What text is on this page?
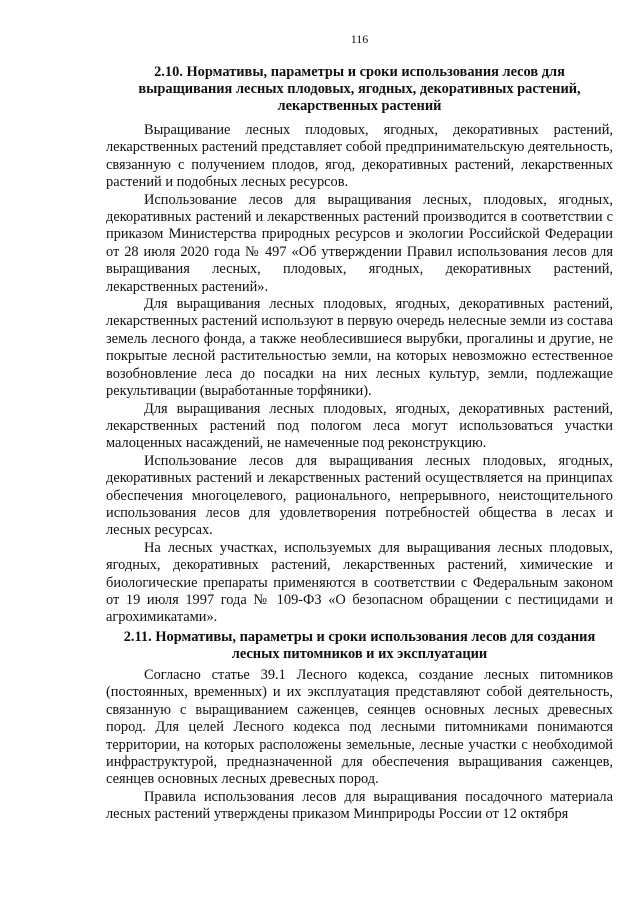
116
2.10. Нормативы, параметры и сроки использования лесов для
выращивания лесных плодовых, ягодных, декоративных растений,
лекарственных растений

Выращивание лесных плодовых, ягодных, декоративных растений, лекарственных растений представляет собой предпринимательскую деятельность, связанную с получением плодов, ягод, декоративных растений, лекарственных растений и подобных лесных ресурсов.

Использование лесов для выращивания лесных, плодовых, ягодных, декоративных растений и лекарственных растений производится в соответствии с приказом Министерства природных ресурсов и экологии Российской Федерации от 28 июля 2020 года № 497 «Об утверждении Правил использования лесов для выращивания лесных, плодовых, ягодных, декоративных растений, лекарственных растений».

Для выращивания лесных плодовых, ягодных, декоративных растений, лекарственных растений используют в первую очередь нелесные земли из состава земель лесного фонда, а также необлесившиеся вырубки, прогалины и другие, не покрытые лесной растительностью земли, на которых невозможно естественное возобновление леса до посадки на них лесных культур, земли, подлежащие рекультивации (выработанные торфяники).

Для выращивания лесных плодовых, ягодных, декоративных растений, лекарственных растений под пологом леса могут использоваться участки малоценных насаждений, не намеченные под реконструкцию.

Использование лесов для выращивания лесных плодовых, ягодных, декоративных растений и лекарственных растений осуществляется на принципах обеспечения многоцелевого, рационального, непрерывного, неистощительного использования лесов для удовлетворения потребностей общества в лесах и лесных ресурсах.

На лесных участках, используемых для выращивания лесных плодовых, ягодных, декоративных растений, лекарственных растений, химические и биологические препараты применяются в соответствии с Федеральным законом от 19 июля 1997 года № 109-ФЗ «О безопасном обращении с пестицидами и агрохимикатами».

2.11. Нормативы, параметры и сроки использования лесов для создания
лесных питомников и их эксплуатации

Согласно статье 39.1 Лесного кодекса, создание лесных питомников (постоянных, временных) и их эксплуатация представляют собой деятельность, связанную с выращиванием саженцев, сеянцев основных лесных древесных пород. Для целей Лесного кодекса под лесными питомниками понимаются территории, на которых расположены земельные, лесные участки с необходимой инфраструктурой, предназначенной для обеспечения выращивания саженцев, сеянцев основных лесных древесных пород.

Правила использования лесов для выращивания посадочного материала лесных растений утверждены приказом Минприроды России от 12 октября
